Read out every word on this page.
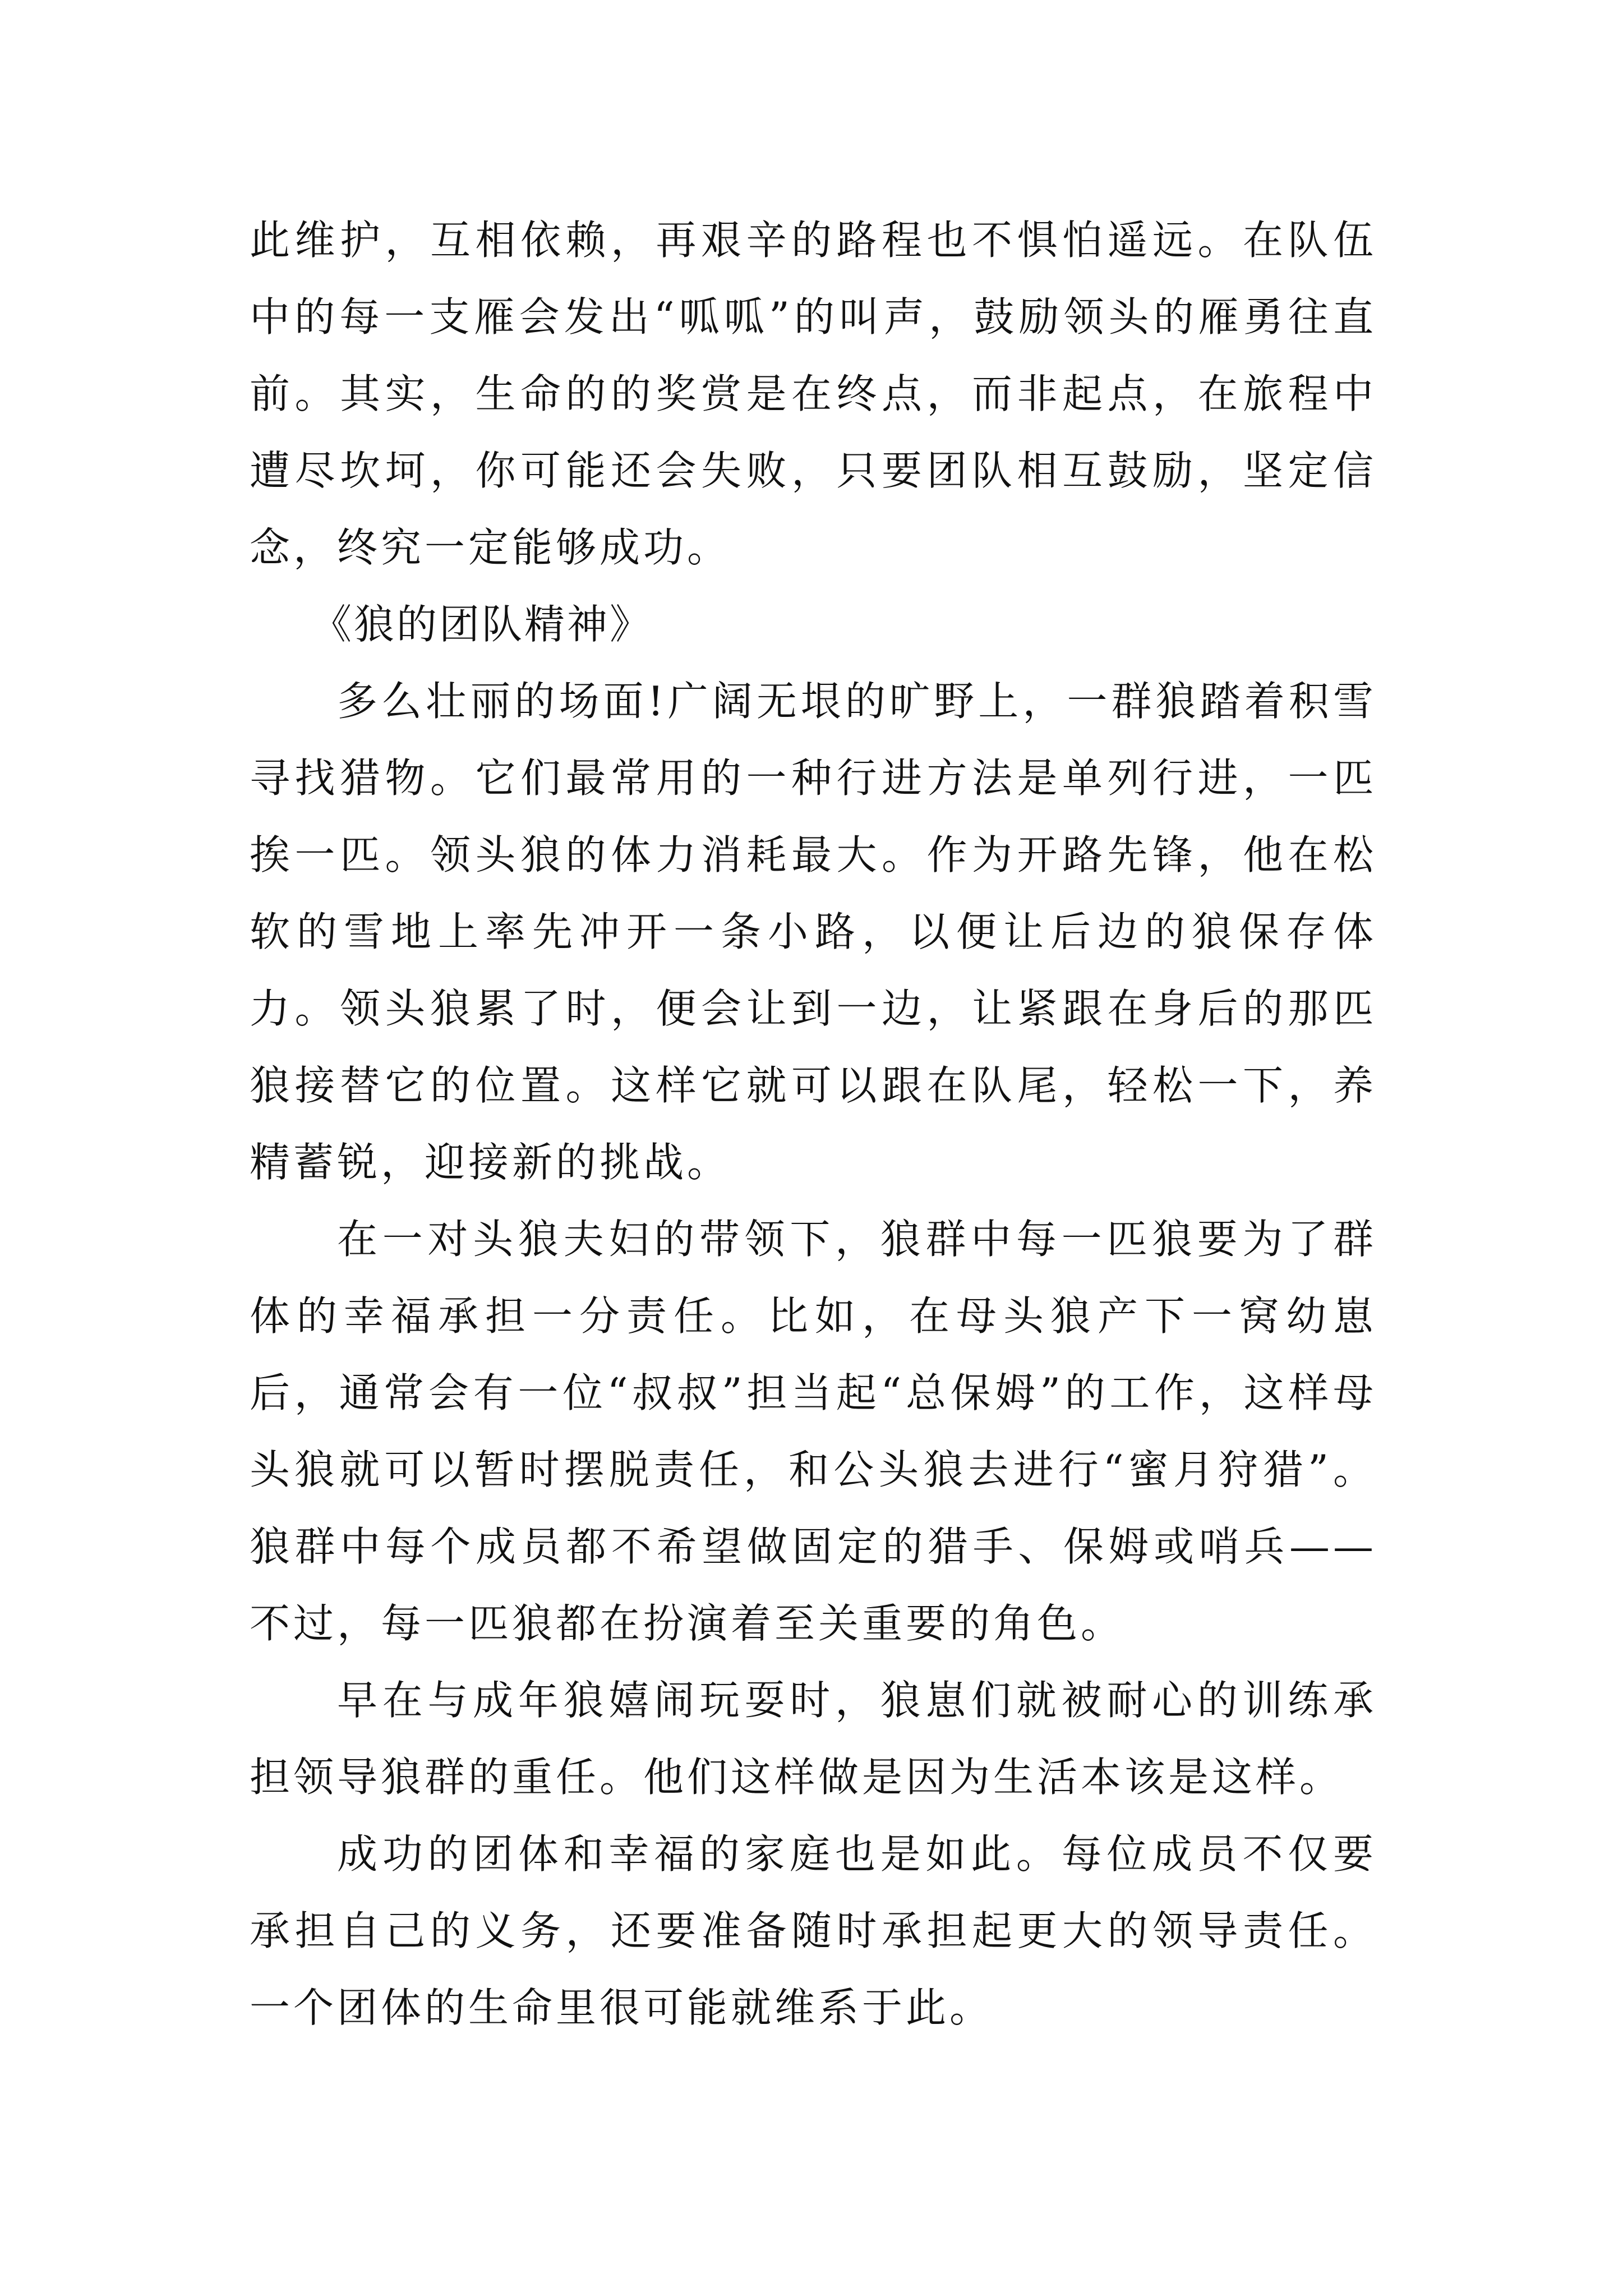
此维护，互相依赖，再艰辛的路程也不惧怕遥远。在队伍中的每一支雁会发出“呱呱”的叫声，鼓励领头的雁勇往直前。其实，生命的的奖赏是在终点，而非起点，在旅程中遭尽坎坷，你可能还会失败，只要团队相互鼓励，坚定信念，终究一定能够成功。

《狼的团队精神》

多么壮丽的场面!广阔无垠的旷野上，一群狼踏着积雪寻找猎物。它们最常用的一种行进方法是单列行进，一匹挨一匹。领头狼的体力消耗最大。作为开路先锋，他在松软的雪地上率先冲开一条小路，以便让后边的狼保存体力。领头狼累了时，便会让到一边，让紧跟在身后的那匹狼接替它的位置。这样它就可以跟在队尾，轻松一下，养精蓄锐，迎接新的挑战。

在一对头狼夫妇的带领下，狼群中每一匹狼要为了群体的幸福承担一分责任。比如，在母头狼产下一窝幼崽后，通常会有一位“叔叔”担当起“总保姆”的工作，这样母头狼就可以暂时摆脱责任，和公头狼去进行“蜜月狩猎”。狼群中每个成员都不希望做固定的猎手、保姆或哨兵——不过，每一匹狼都在扮演着至关重要的角色。

早在与成年狼嬉闹玩耍时，狼崽们就被耐心的训练承担领导狼群的重任。他们这样做是因为生活本该是这样。

成功的团体和幸福的家庭也是如此。每位成员不仅要承担自己的义务，还要准备随时承担起更大的领导责任。一个团体的生命里很可能就维系于此。
